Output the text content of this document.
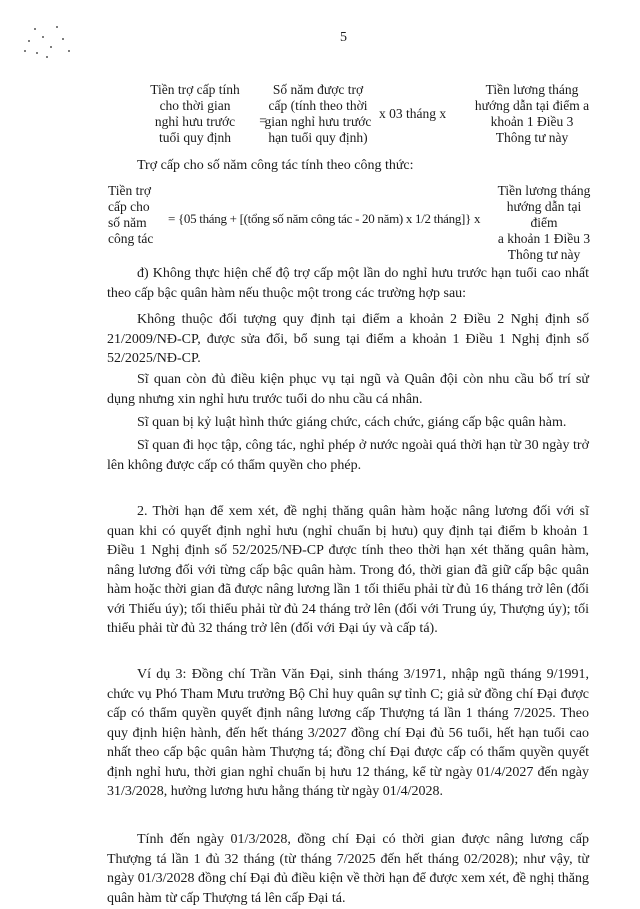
5
Tiền trợ cấp tính
cho thời gian
nghỉ hưu trước
tuổi quy định
=
Số năm được trợ
cấp (tính theo thời
gian nghỉ hưu trước
hạn tuổi quy định)
x 03 tháng x
Tiền lương tháng
hướng dẫn tại điểm a
khoản 1 Điều 3
Thông tư này
Trợ cấp cho số năm công tác tính theo công thức:
Tiền trợ
cấp cho
số năm
công tác
= {05 tháng + [(tổng số năm công tác - 20 năm) x 1/2 tháng]} x
Tiền lương tháng
hướng dẫn tại điểm
a khoản 1 Điều 3
Thông tư này
đ) Không thực hiện chế độ trợ cấp một lần do nghỉ hưu trước hạn tuổi cao nhất theo cấp bậc quân hàm nếu thuộc một trong các trường hợp sau:
Không thuộc đối tượng quy định tại điểm a khoản 2 Điều 2 Nghị định số 21/2009/NĐ-CP, được sửa đổi, bổ sung tại điểm a khoản 1 Điều 1 Nghị định số 52/2025/NĐ-CP.
Sĩ quan còn đủ điều kiện phục vụ tại ngũ và Quân đội còn nhu cầu bố trí sử dụng nhưng xin nghỉ hưu trước tuổi do nhu cầu cá nhân.
Sĩ quan bị kỷ luật hình thức giáng chức, cách chức, giáng cấp bậc quân hàm.
Sĩ quan đi học tập, công tác, nghỉ phép ở nước ngoài quá thời hạn từ 30 ngày trở lên không được cấp có thẩm quyền cho phép.
2. Thời hạn để xem xét, đề nghị thăng quân hàm hoặc nâng lương đối với sĩ quan khi có quyết định nghỉ hưu (nghỉ chuẩn bị hưu) quy định tại điểm b khoản 1 Điều 1 Nghị định số 52/2025/NĐ-CP được tính theo thời hạn xét thăng quân hàm, nâng lương đối với từng cấp bậc quân hàm. Trong đó, thời gian đã giữ cấp bậc quân hàm hoặc thời gian đã được nâng lương lần 1 tối thiểu phải từ đủ 16 tháng trở lên (đối với Thiếu úy); tối thiểu phải từ đủ 24 tháng trở lên (đối với Trung úy, Thượng úy); tối thiểu phải từ đủ 32 tháng trở lên (đối với Đại úy và cấp tá).
Ví dụ 3: Đồng chí Trần Văn Đại, sinh tháng 3/1971, nhập ngũ tháng 9/1991, chức vụ Phó Tham Mưu trưởng Bộ Chỉ huy quân sự tỉnh C; giả sử đồng chí Đại được cấp có thẩm quyền quyết định nâng lương cấp Thượng tá lần 1 tháng 7/2025. Theo quy định hiện hành, đến hết tháng 3/2027 đồng chí Đại đủ 56 tuổi, hết hạn tuổi cao nhất theo cấp bậc quân hàm Thượng tá; đồng chí Đại được cấp có thẩm quyền quyết định nghỉ hưu, thời gian nghỉ chuẩn bị hưu 12 tháng, kể từ ngày 01/4/2027 đến ngày 31/3/2028, hưởng lương hưu hằng tháng từ ngày 01/4/2028.
Tính đến ngày 01/3/2028, đồng chí Đại có thời gian được nâng lương cấp Thượng tá lần 1 đủ 32 tháng (từ tháng 7/2025 đến hết tháng 02/2028); như vậy, từ ngày 01/3/2028 đồng chí Đại đủ điều kiện về thời hạn để được xem xét, đề nghị thăng quân hàm từ cấp Thượng tá lên cấp Đại tá.
